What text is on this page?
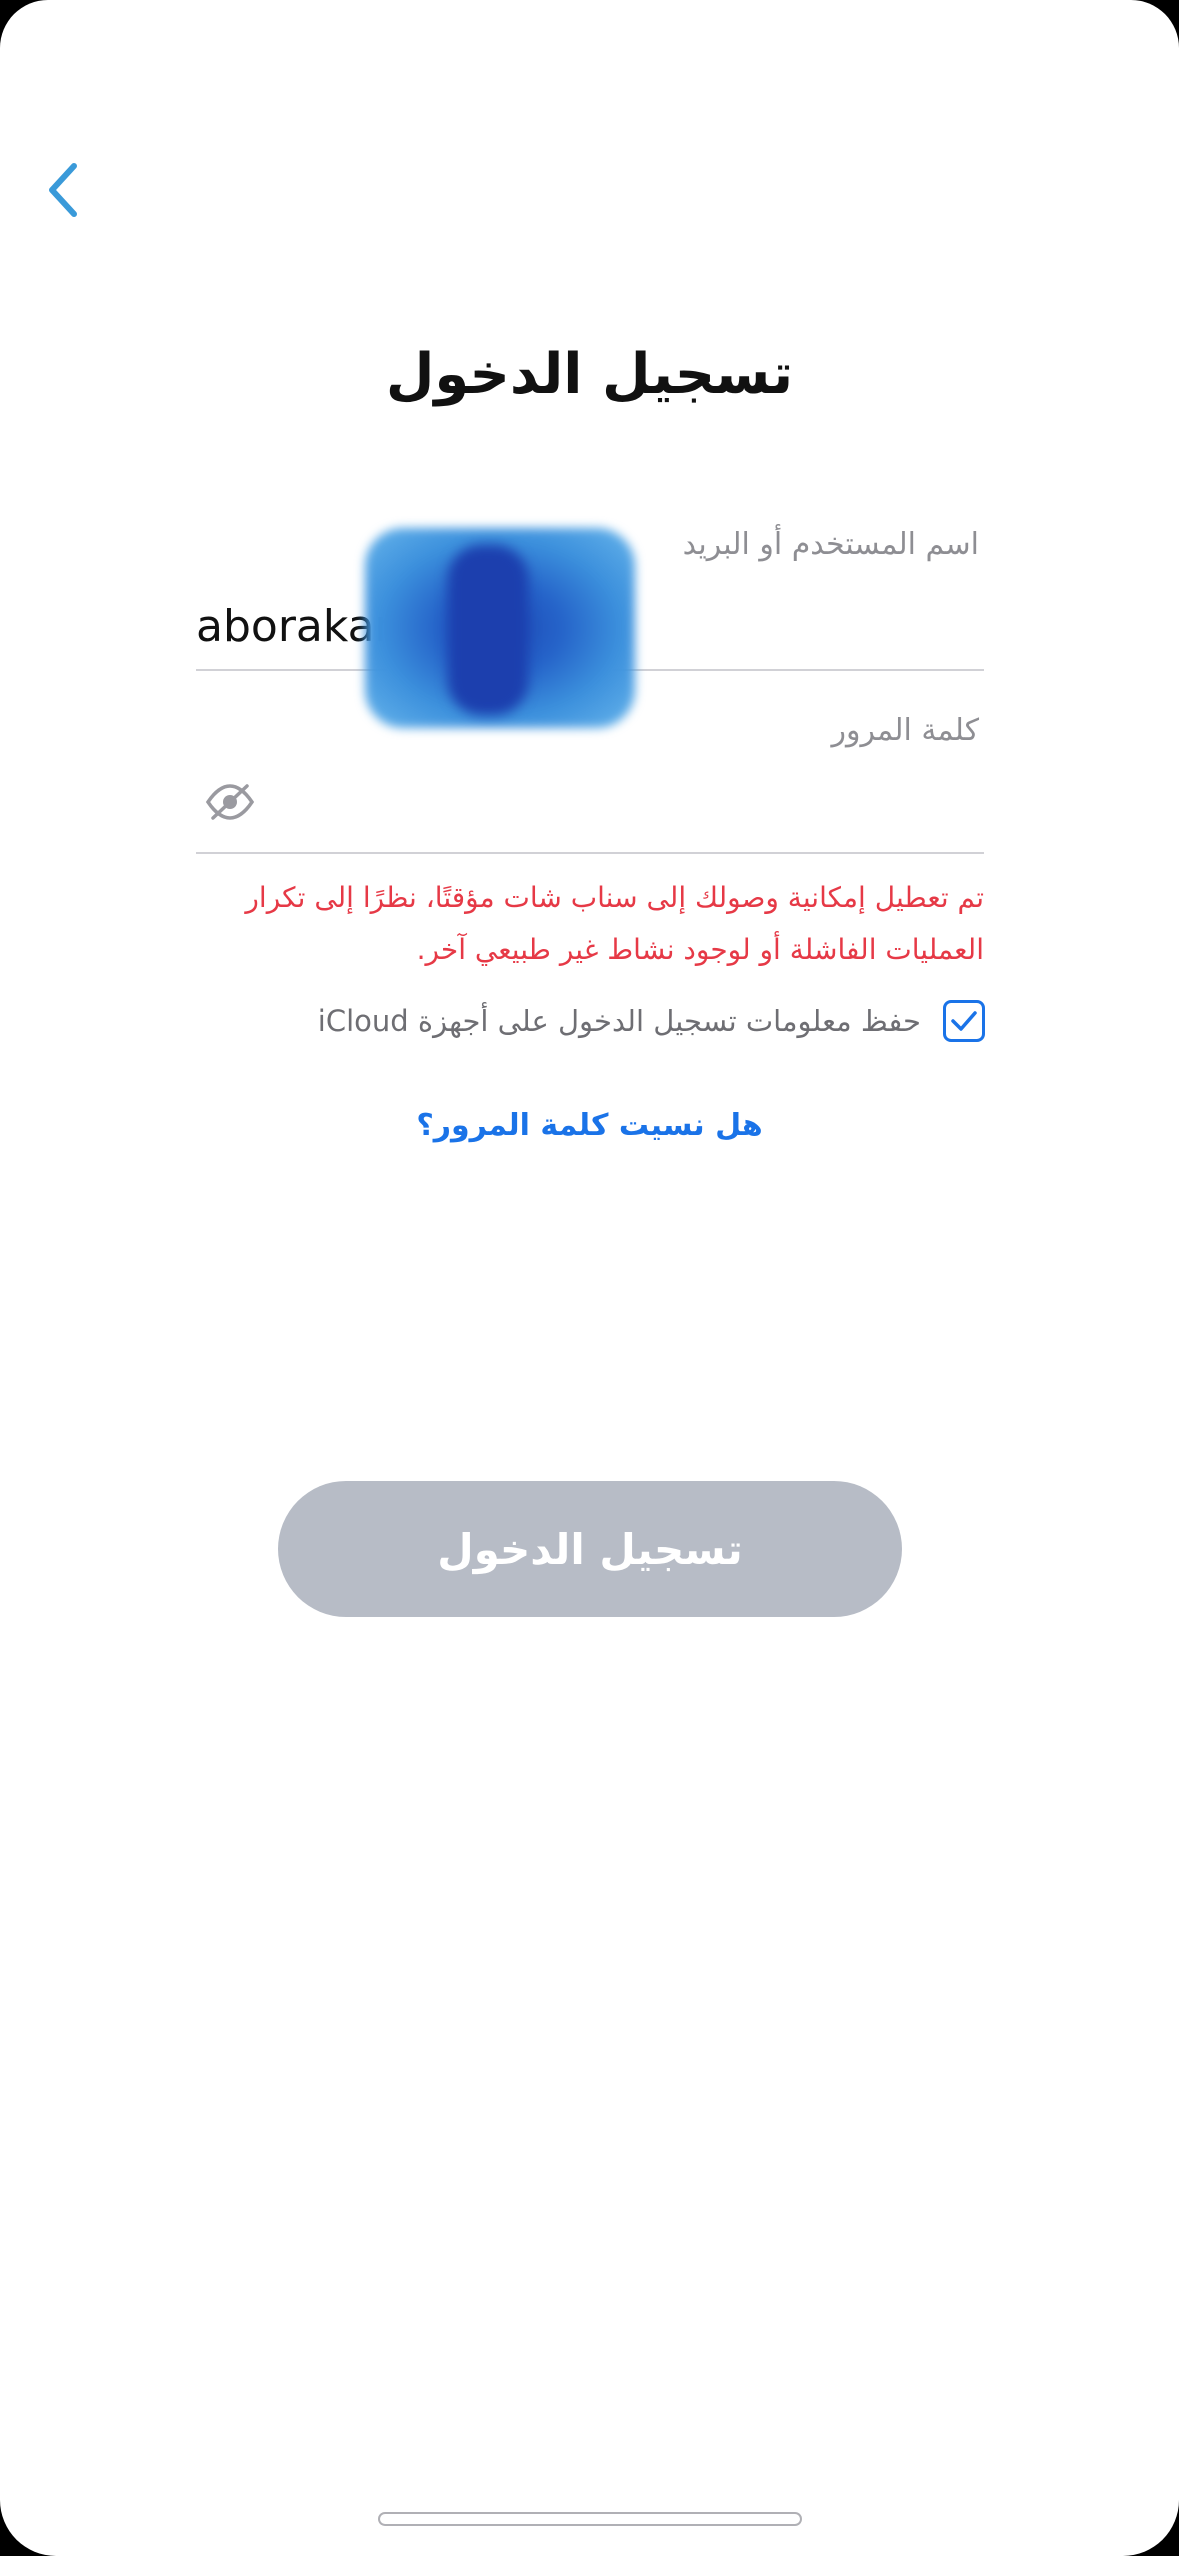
تسجيل الدخول
اسم المستخدم أو البريد
aborakan3
كلمة المرور
تم تعطيل إمكانية وصولك إلى سناب شات مؤقتًا، نظرًا إلى تكرار العمليات الفاشلة أو لوجود نشاط غير طبيعي آخر.
حفظ معلومات تسجيل الدخول على أجهزة iCloud
هل نسيت كلمة المرور؟
تسجيل الدخول
